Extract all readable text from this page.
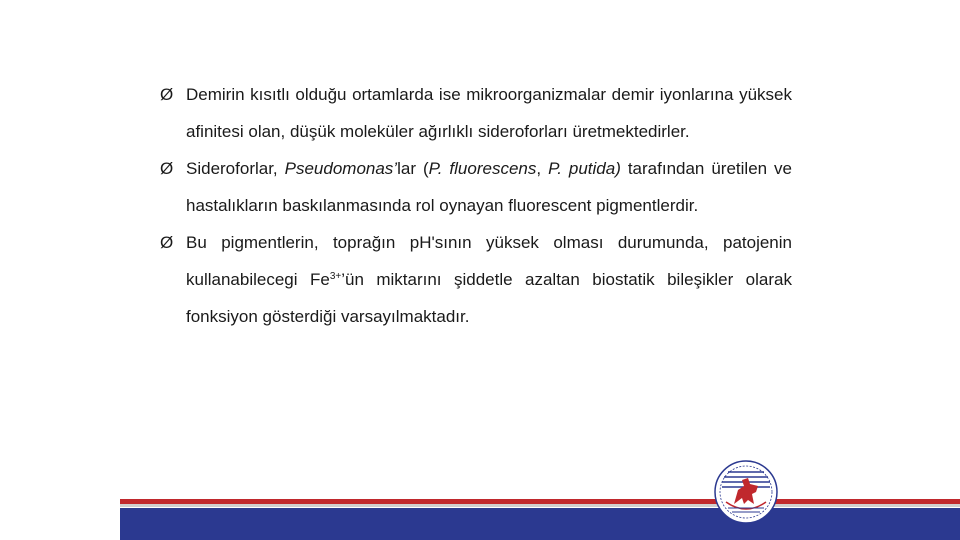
Ø Demirin kısıtlı olduğu ortamlarda ise mikroorganizmalar demir iyonlarına yüksek afinitesi olan, düşük moleküler ağırlıklı sideroforları üretmektedirler.
Ø Sideroforlar, Pseudomonas’lar (P. fluorescens, P. putida) tarafından üretilen ve hastalıkların baskılanmasında rol oynayan fluorescent pigmentlerdir.
Ø Bu pigmentlerin, toprağın pH'sının yüksek olması durumunda, patojenin kullanabilecegi $Fe^{3+}’ün$ miktarını şiddetle azaltan biostatik bileşikler olarak fonksiyon gösterdiği varsayılmaktadır.
